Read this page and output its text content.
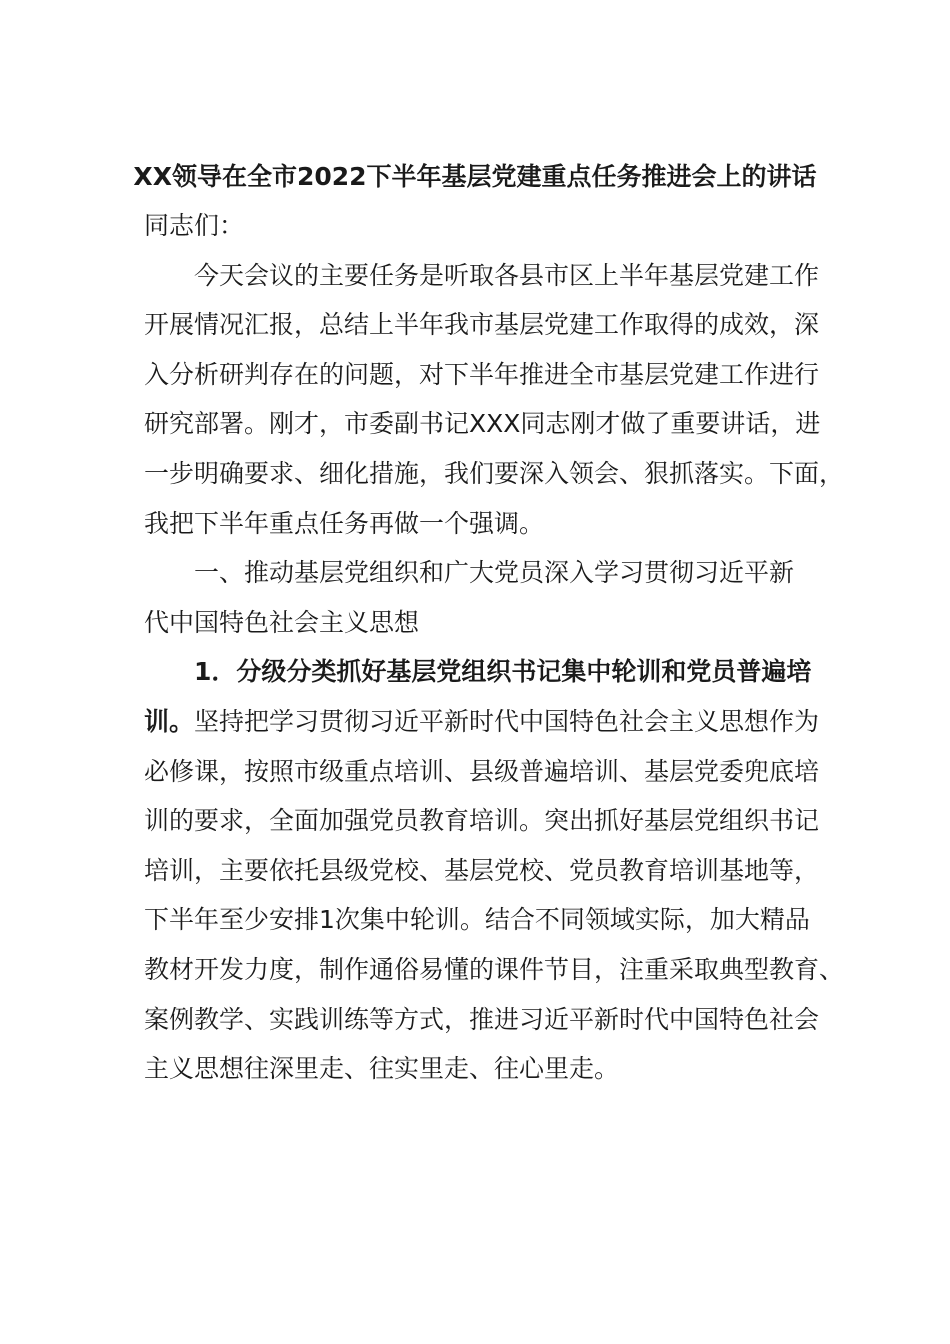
XX领导在全市2022下半年基层党建重点任务推进会上的讲话

同志们：

今天会议的主要任务是听取各县市区上半年基层党建工作

开展情况汇报，总结上半年我市基层党建工作取得的成效，深

入分析研判存在的问题，对下半年推进全市基层党建工作进行

研究部署。刚才，市委副书记XXX同志刚才做了重要讲话，进

一步明确要求、细化措施，我们要深入领会、狠抓落实。下面，

我把下半年重点任务再做一个强调。

一、推动基层党组织和广大党员深入学习贯彻习近平新

代中国特色社会主义思想

1．分级分类抓好基层党组织书记集中轮训和党员普遍培

训。坚持把学习贯彻习近平新时代中国特色社会主义思想作为

必修课，按照市级重点培训、县级普遍培训、基层党委兜底培

训的要求，全面加强党员教育培训。突出抓好基层党组织书记

培训，主要依托县级党校、基层党校、党员教育培训基地等，

下半年至少安排1次集中轮训。结合不同领域实际，加大精品

教材开发力度，制作通俗易懂的课件节目，注重采取典型教育、

案例教学、实践训练等方式，推进习近平新时代中国特色社会

主义思想往深里走、往实里走、往心里走。
